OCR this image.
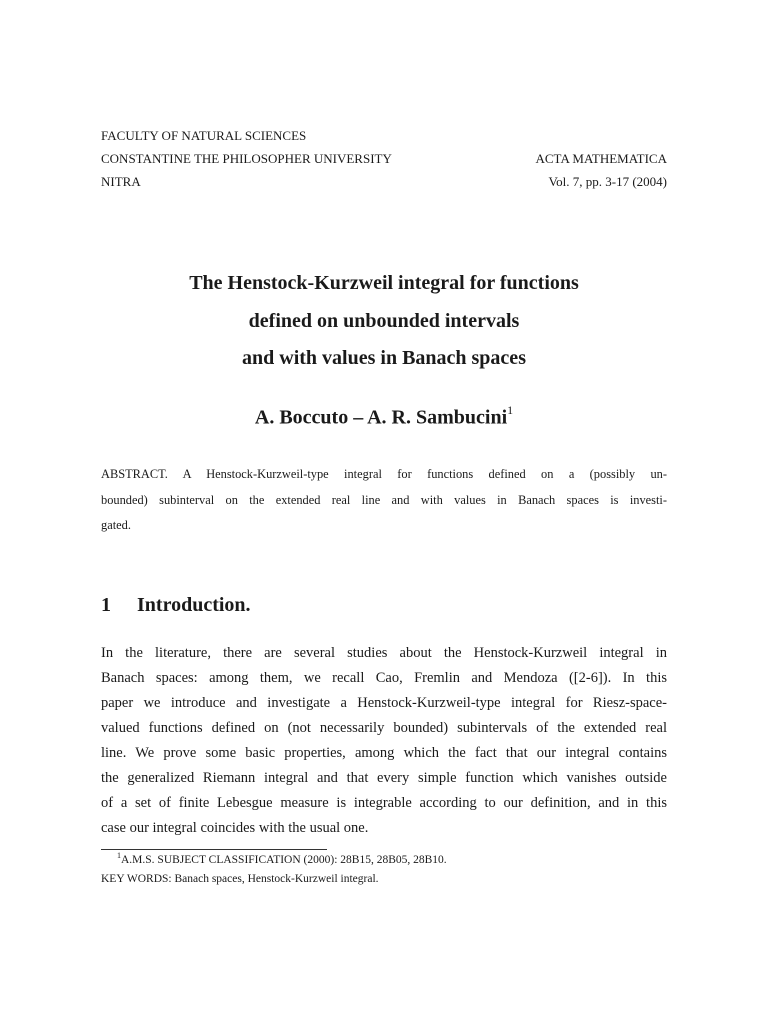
FACULTY OF NATURAL SCIENCES
CONSTANTINE THE PHILOSOPHER UNIVERSITY
NITRA
ACTA MATHEMATICA
Vol. 7, pp. 3-17 (2004)
The Henstock-Kurzweil integral for functions
defined on unbounded intervals
and with values in Banach spaces
A. Boccuto – A. R. Sambucini$^1$
ABSTRACT. A Henstock-Kurzweil-type integral for functions defined on a (possibly un-
bounded) subinterval on the extended real line and with values in Banach spaces is investi-
gated.
1 Introduction.
In the literature, there are several studies about the Henstock-Kurzweil integral in
Banach spaces: among them, we recall Cao, Fremlin and Mendoza ([2-6]). In this
paper we introduce and investigate a Henstock-Kurzweil-type integral for Riesz-space-
valued functions defined on (not necessarily bounded) subintervals of the extended real
line. We prove some basic properties, among which the fact that our integral contains
the generalized Riemann integral and that every simple function which vanishes outside
of a set of finite Lebesgue measure is integrable according to our definition, and in this
case our integral coincides with the usual one.
$^1$A.M.S. SUBJECT CLASSIFICATION (2000): 28B15, 28B05, 28B10.
KEY WORDS: Banach spaces, Henstock-Kurzweil integral.
